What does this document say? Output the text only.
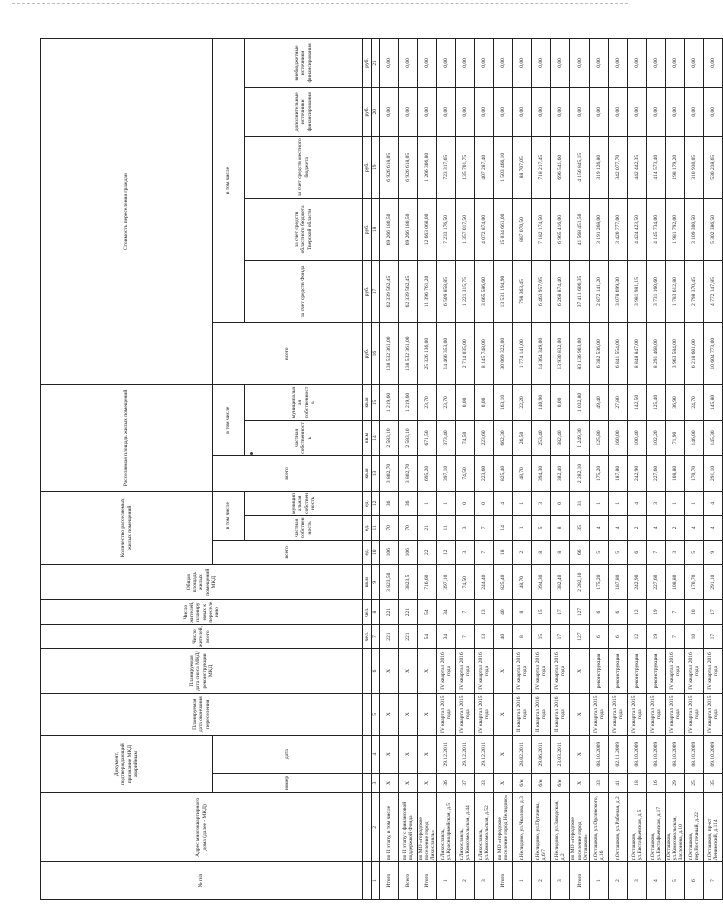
№ п/п	Адрес многоквартирного дома (далее - МКД)	Документ, подтверждающий признание МКД аварийным		Планируемая дата окончания переселения	Планируемая дата сноса МКД/реконструкции МКД	Число жителей, всего	Число жителей, планируемых к переселению	Общая площадь жилых помещений МКД	Количество расселяемых жилых помещений			Расселяемая площадь жилых помещений			Стоимость переселения граждан					
		номер	дата						всего	в том числе		всего	в том числе		всего	в том числе				
										частная собственность	муниципальная собственность		частная собственность	муниципальная собственность		за счет средств Фонда	за счет средств областного бюджета Тверской области	за счет средств местного бюджета	дополнительные источники финансирования	внебюджетные источники финансирования
						чел.	чел.	кв.м	ед.	ед.	ед.	кв.м	кв.м	кв.м	руб.	руб.	руб.	руб.	руб.	руб.
1	2	3	4	5	6	7	8	9	10	11	12	13	14	15	16	17	18	19	20	21
Итого	по II этапу, в том числе	X	X	X	X	221	221	3 823,50	106	70	36	3 802,70	2 583,10	1 219,60	138 532 361,00	62 339 562,45	69 266 180,50	6 926 618,05	0,00	0,00
Всего	по II этапу с финансовой поддержкой Фонда	X	X	X	X	221	221	3823,5	106	70	36	3 802,70	2 583,10	1 219,60	138 532 361,00	62 339 562,45	69 266 180,50	6 926 618,05	0,00	0,00
Итого	по МО «городское поселение город Лихославль»	X	X	X	X	54	54	716,60	22	21	1	695,20	671,50	23,70	25 326 136,00	11 396 761,20	12 663 068,00	1 266 306,80	0,00	0,00
1	г.Лихославль, ул.Красноармейская, д.5	36	29.12.2011	IV квартал 2015 года	IV квартал 2016 года	34	34	397,10	12	11	1	397,10	373,40	23,70	14 466 353,00	6 509 858,85	7 233 176,50	723 317,65	0,00	0,00
2	г.Лихославль, ул.Комсомольская, д.44	37	29.12.2011	IV квартал 2015 года	IV квартал 2016 года	7	7	74,50	3	3	0	74,50	74,50	0,00	2 714 035,00	1 221 315,75	1 357 017,50	135 701,75	0,00	0,00
3	г.Лихославль, ул.Комсомольская, д.52	33	29.12.2011	IV квартал 2015 года	IV квартал 2016 года	13	13	244,40	7	7	0	223,60	223,60	0,00	8 145 748,00	3 665 586,60	4 072 874,00	407 287,40	0,00	0,00
Итого	по МО «городское поселение город Нелидово»	X	X	X	X	40	40	825,40	18	14	4	825,40	662,30	163,10	30 069 322,00	13 531 194,90	15 034 661,00	1 503 466,10	0,00	0,00
1	г.Нелидово, ул.Чкалова, д.3	6/н	28.02.2011	II квартал 2016 года	IV квартал 2016 года	8	8	48,70	2	1	1	48,70	26,50	22,20	1 774 141,00	798 363,45	887 070,50	88 707,05	0,00	0,00
2	г.Нелидово, ул.Пугачева, д.6/7	6/н	29.06.2011	II квартал 2016 года	IV квартал 2016 года	15	15	394,30	8	5	3	394,30	253,40	140,90	14 364 349,00	6 463 957,05	7 182 174,50	718 217,45	0,00	0,00
3	г.Нелидово, ул.Заводская, д.2	6/н	23.03.2011	II квартал 2016 года	IV квартал 2016 года	17	17	382,40	8	8	0	382,40	382,40	0,00	13 930 832,00	6 268 874,40	6 965 416,00	696 541,60	0,00	0,00
Итого	по МО «городское поселение город Осташков»	X	X	X	X	127	127	2 282,10	66	35	31	2 282,10	1 249,30	1 032,80	83 136 903,00	37 411 606,35	41 568 451,50	4 156 845,15	0,00	0,00
1	г.Осташков, ул.Орловского, д.16	33	08.10.2009	IV квартал 2015 года	реконструкция	6	6	175,20	5	4	1	175,20	125,80	49,40	6 382 536,00	2 872 141,20	3 191 268,00	319 126,80	0,00	0,00
2	г.Осташков, ул.Рабочая, д.2	41	02.11.2009	IV квартал 2015 года	реконструкция	6	6	187,80	5	4	1	187,80	160,00	27,80	6 841 554,00	3 078 699,30	3 420 777,00	342 077,70	0,00	0,00
3	г.Осташков, ул.Евстафьевская, д.5	18	08.10.2009	IV квартал 2015 года	реконструкция	12	12	242,90	6	2	4	242,90	100,40	142,50	8 848 847,00	3 981 981,15	4 424 423,50	442 442,35	0,00	0,00
4	г.Осташков, ул.Евстафьевская, д.17	16	08.10.2009	IV квартал 2015 года	реконструкция	19	19	227,60	7	4	3	227,60	102,20	125,40	8 291 468,00	3 731 160,60	4 145 734,00	414 573,40	0,00	0,00
5	г.Осташков, ул.Комсомольская, Заслонова, д.10	29	08.10.2009	IV квартал 2015 года	IV квартал 2016 года	7	7	108,80	3	2	1	108,80	71,90	36,90	3 963 584,00	1 783 612,80	1 981 792,00	198 179,20	0,00	0,00
6	г.Осташков, пер.Восточный, д.22	25	08.10.2009	IV квартал 2015 года	IV квартал 2016 года	10	10	170,70	5	4	1	170,70	146,00	24,70	6 218 601,00	2 798 370,45	3 109 300,50	310 930,05	0,00	0,00
7	г.Осташков, пр-кт Ленинский, д.114	35	09.10.2009	IV квартал 2015 года	IV квартал 2016 года	17	17	291,10	9	4	4	291,10	145,30	145,80	10 604 773,00	4 772 147,85	5 302 386,50	530 238,65	0,00	0,00
